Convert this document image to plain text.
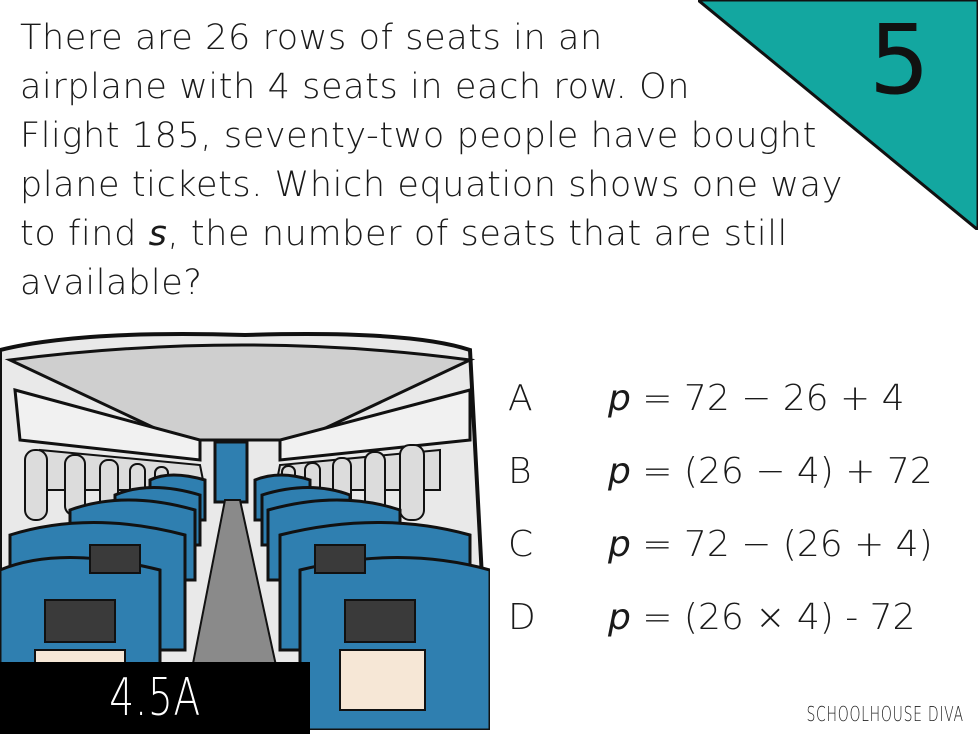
5
There are 26 rows of seats in an
airplane with 4 seats in each row. On
Flight 185, seventy-two people have bought
plane tickets. Which equation shows one way
to find s, the number of seats that are still
available?
A p = 72 − 26 + 4
B p = (26 − 4) + 72
C p = 72 − (26 + 4)
D p = (26 × 4) - 72
4.5A	SCHOOLHOUSE DIVA
